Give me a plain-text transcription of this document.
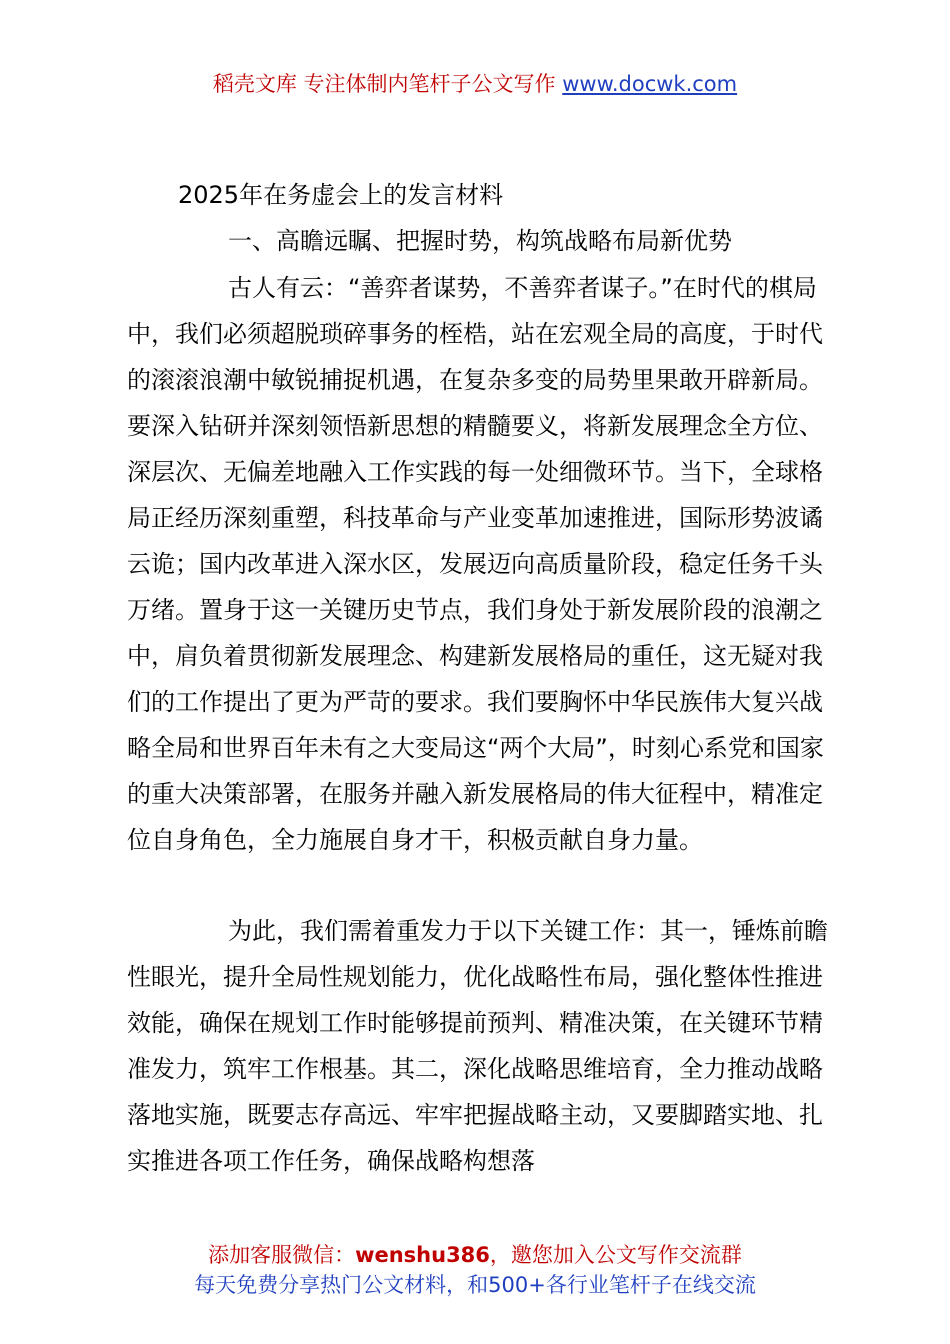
稻壳文库 专注体制内笔杆子公文写作 www.docwk.com
2025年在务虚会上的发言材料
一、高瞻远瞩、把握时势，构筑战略布局新优势

古人有云：“善弈者谋势，不善弈者谋子。”在时代的棋局中，我们必须超脱琐碎事务的桎梏，站在宏观全局的高度，于时代的滚滚浪潮中敏锐捕捉机遇，在复杂多变的局势里果敢开辟新局。要深入钻研并深刻领悟新思想的精髓要义，将新发展理念全方位、深层次、无偏差地融入工作实践的每一处细微环节。当下，全球格局正经历深刻重塑，科技革命与产业变革加速推进，国际形势波谲云诡；国内改革进入深水区，发展迈向高质量阶段，稳定任务千头万绪。置身于这一关键历史节点，我们身处于新发展阶段的浪潮之中，肩负着贯彻新发展理念、构建新发展格局的重任，这无疑对我们的工作提出了更为严苛的要求。我们要胸怀中华民族伟大复兴战略全局和世界百年未有之大变局这“两个大局”，时刻心系党和国家的重大决策部署，在服务并融入新发展格局的伟大征程中，精准定位自身角色，全力施展自身才干，积极贡献自身力量。

为此，我们需着重发力于以下关键工作：其一，锤炼前瞻性眼光，提升全局性规划能力，优化战略性布局，强化整体性推进效能，确保在规划工作时能够提前预判、精准决策，在关键环节精准发力，筑牢工作根基。其二，深化战略思维培育，全力推动战略落地实施，既要志存高远、牢牢把握战略主动，又要脚踏实地、扎实推进各项工作任务，确保战略构想落

添加客服微信：wenshu386，邀您加入公文写作交流群
每天免费分享热门公文材料，和500+各行业笔杆子在线交流
